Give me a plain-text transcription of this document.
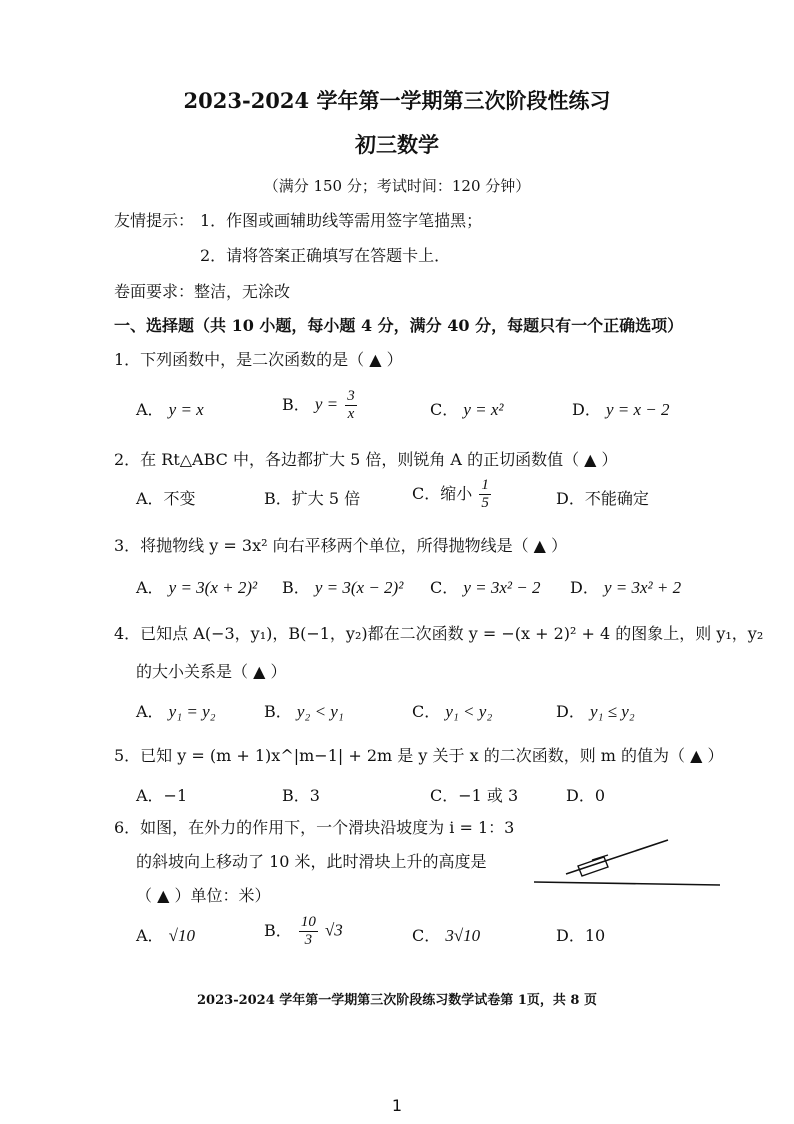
2023-2024 学年第一学期第三次阶段性练习
初三数学
（满分 150 分；考试时间：120 分钟）
友情提示： 1．作图或画辅助线等需用签字笔描黑；
2．请将答案正确填写在答题卡上．
卷面要求：整洁，无涂改
一、选择题（共 10 小题，每小题 4 分，满分 40 分，每题只有一个正确选项）
1．下列函数中，是二次函数的是（ ▲ ）
A． y = x	B． $y = \frac{3}{x}$	C． y = x²	D． y = x − 2
2．在 Rt△ABC 中，各边都扩大 5 倍，则锐角 A 的正切函数值（ ▲ ）
A．不变	B．扩大 5 倍	C．缩小 $\frac{1}{5}$	D．不能确定
3．将抛物线 y = 3x² 向右平移两个单位，所得抛物线是（ ▲ ）
A． y = 3(x + 2)² B． y = 3(x − 2)² C． y = 3x² − 2 D． y = 3x² + 2
4．已知点 A(−3，y₁)，B(−1，y₂)都在二次函数 y = −(x + 2)² + 4 的图象上，则 y₁，y₂
的大小关系是（ ▲ ）
A． y₁ = y₂	B． y₂ < y₁	C． y₁ < y₂	D． y₁ ≤ y₂
5．已知 y = (m + 1)x^|m−1| + 2m 是 y 关于 x 的二次函数，则 m 的值为（ ▲ ）
A．−1	B．3	C．−1 或 3	D．0
6．如图，在外力的作用下，一个滑块沿坡度为 i = 1：3
的斜坡向上移动了 10 米，此时滑块上升的高度是
（ ▲ ）单位：米）
A． √10	B． $\frac{10}{3} √3$	C． 3√10	D．10
2023-2024 学年第一学期第三次阶段练习数学试卷第 1页，共 8 页
1
